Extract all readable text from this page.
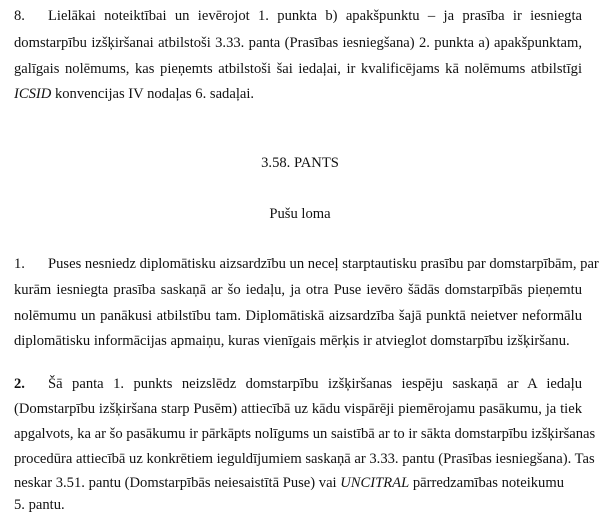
8. Lielākai noteiktībai un ievērojot 1. punkta b) apakšpunktu – ja prasība ir iesniegta
domstarpību izšķiršanai atbilstoši 3.33. panta (Prasības iesniegšana) 2. punkta a) apakšpunktam,
galīgais nolēmums, kas pieņemts atbilstoši šai iedaļai, ir kvalificējams kā nolēmums atbilstīgi
ICSID konvencijas IV nodaļas 6. sadaļai.
3.58. PANTS
Pušu loma
1. Puses nesniedz diplomātisku aizsardzību un neceļ starptautisku prasību par domstarpībām, par
kurām iesniegta prasība saskaņā ar šo iedaļu, ja otra Puse ievēro šādās domstarpībās pieņemtu
nolēmumu un panākusi atbilstību tam. Diplomātiskā aizsardzība šajā punktā neietver neformālu
diplomātisku informācijas apmaiņu, kuras vienīgais mērķis ir atvieglot domstarpību izšķiršanu.
2. Šā panta 1. punkts neizslēdz domstarpību izšķiršanas iespēju saskaņā ar A iedaļu
(Domstarpību izšķiršana starp Pusēm) attiecībā uz kādu vispārēji piemērojamu pasākumu, ja tiek
apgalvots, ka ar šo pasākumu ir pārkāpts nolīgums un saistībā ar to ir sākta domstarpību izšķiršanas
procedūra attiecībā uz konkrētiem ieguldījumiem saskaņā ar 3.33. pantu (Prasības iesniegšana). Tas
neskar 3.51. pantu (Domstarpībās neiesaistītā Puse) vai UNCITRAL pārredzamības noteikumu
5. pantu.
